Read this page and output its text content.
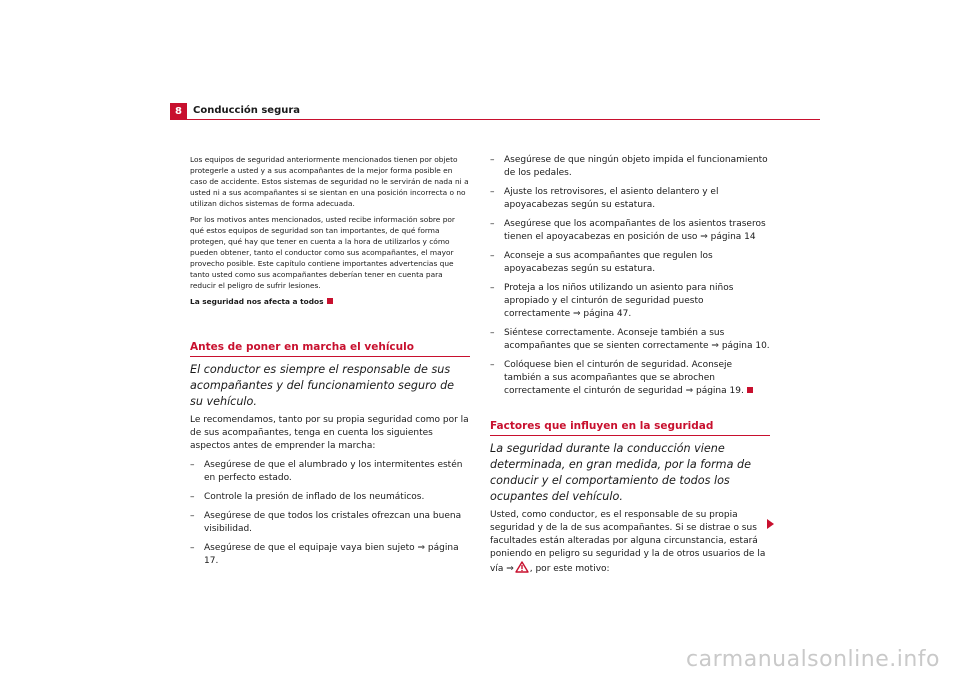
8	Conducción segura

Los equipos de seguridad anteriormente mencionados tienen por objeto protegerle a usted y a sus acompañantes de la mejor forma posible en caso de accidente. Estos sistemas de seguridad no le servirán de nada ni a usted ni a sus acompañantes si se sientan en una posición incorrecta o no utilizan dichos sistemas de forma adecuada.

Por los motivos antes mencionados, usted recibe información sobre por qué estos equipos de seguridad son tan importantes, de qué forma protegen, qué hay que tener en cuenta a la hora de utilizarlos y cómo pueden obtener, tanto el conductor como sus acompañantes, el mayor provecho posible. Este capítulo contiene importantes advertencias que tanto usted como sus acompañantes deberían tener en cuenta para reducir el peligro de sufrir lesiones.

La seguridad nos afecta a todos

Antes de poner en marcha el vehículo

El conductor es siempre el responsable de sus acompañantes y del funcionamiento seguro de su vehículo.

Le recomendamos, tanto por su propia seguridad como por la de sus acompañantes, tenga en cuenta los siguientes aspectos antes de emprender la marcha:

–	Asegúrese de que el alumbrado y los intermitentes estén en perfecto estado.
–	Controle la presión de inflado de los neumáticos.
–	Asegúrese de que todos los cristales ofrezcan una buena visibilidad.
–	Asegúrese de que el equipaje vaya bien sujeto ⇒ página 17.
–	Asegúrese de que ningún objeto impida el funcionamiento de los pedales.
–	Ajuste los retrovisores, el asiento delantero y el apoyacabezas según su estatura.
–	Asegúrese que los acompañantes de los asientos traseros tienen el apoyacabezas en posición de uso ⇒ página 14
–	Aconseje a sus acompañantes que regulen los apoyacabezas según su estatura.
–	Proteja a los niños utilizando un asiento para niños apropiado y el cinturón de seguridad puesto correctamente ⇒ página 47.
–	Siéntese correctamente. Aconseje también a sus acompañantes que se sienten correctamente ⇒ página 10.
–	Colóquese bien el cinturón de seguridad. Aconseje también a sus acompañantes que se abrochen correctamente el cinturón de seguridad ⇒ página 19.
Factores que influyen en la seguridad

La seguridad durante la conducción viene determinada, en gran medida, por la forma de conducir y el comportamiento de todos los ocupantes del vehículo.

Usted, como conductor, es el responsable de su propia seguridad y de la de sus acompañantes. Si se distrae o sus facultades están alteradas por alguna circunstancia, estará poniendo en peligro su seguridad y la de otros usuarios de la vía ⇒ , por este motivo:

carmanualsonline.info
